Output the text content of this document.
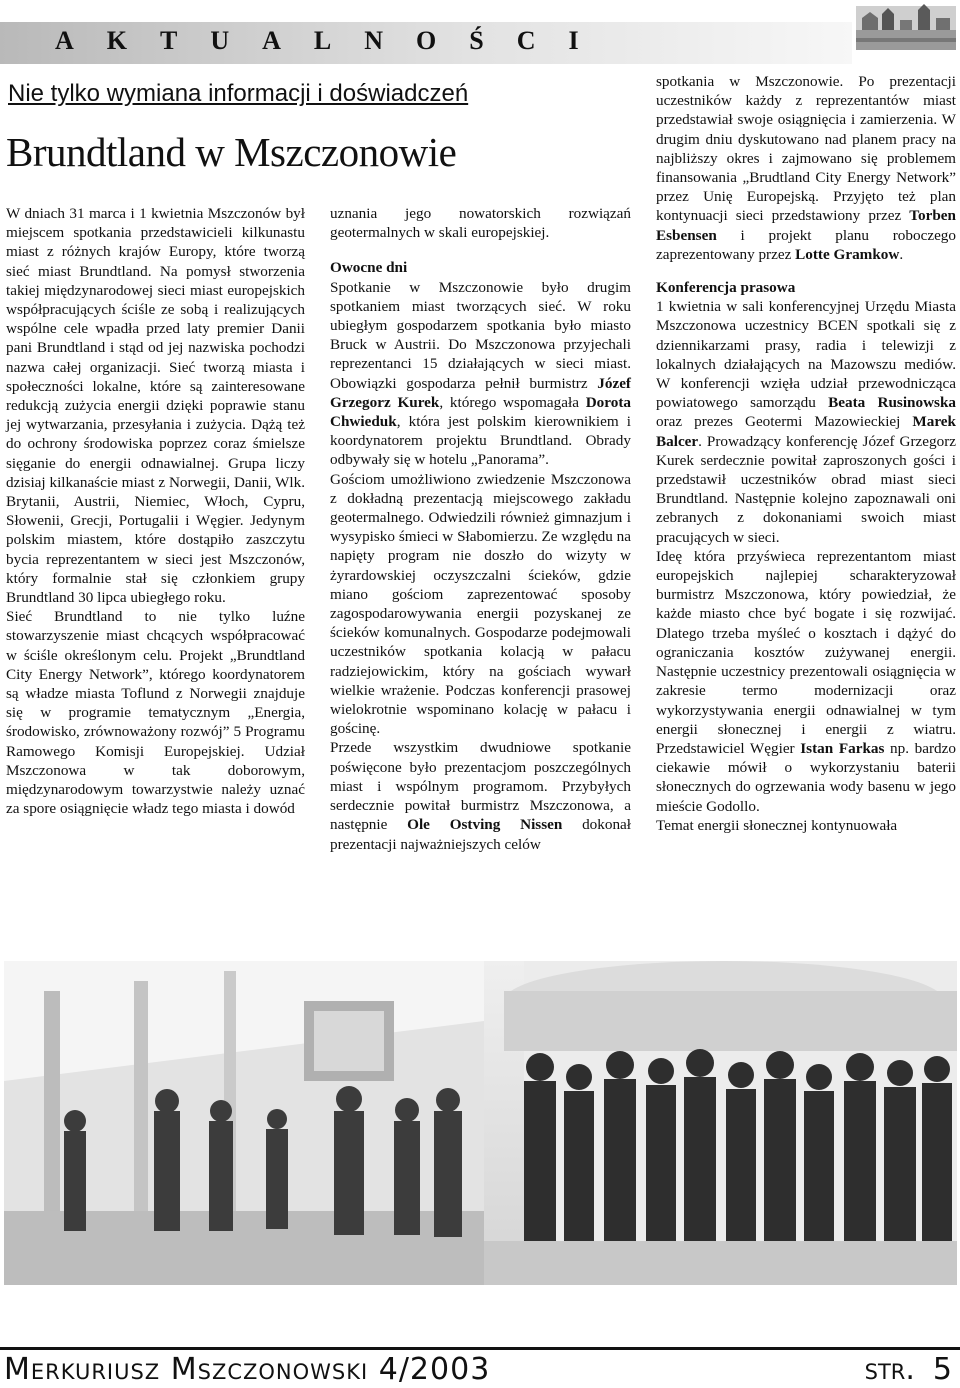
AKTUALNOŚCI
Nie tylko wymiana informacji i doświadczeń
Brundtland w Mszczonowie

W dniach 31 marca i 1 kwietnia Mszczonów był miejscem spotkania przedstawicieli kilkunastu miast z różnych krajów Europy, które tworzą sieć miast Brundtland. Na pomysł stworzenia takiej międzynarodowej sieci miast europejskich współpracujących ściśle ze sobą i realizujących wspólne cele wpadła przed laty premier Danii pani Brundtland i stąd od jej nazwiska pochodzi nazwa całej organizacji. Sieć tworzą miasta i społeczności lokalne, które są zainteresowane redukcją zużycia energii dzięki poprawie stanu jej wytwarzania, przesyłania i zużycia. Dążą też do ochrony środowiska poprzez coraz śmielsze sięganie do energii odnawialnej. Grupa liczy dzisiaj kilkanaście miast z Norwegii, Danii, Wlk. Brytanii, Austrii, Niemiec, Włoch, Cypru, Słowenii, Grecji, Portugalii i Węgier. Jedynym polskim miastem, które dostąpiło zaszczytu bycia reprezentantem w sieci jest Mszczonów, który formalnie stał się członkiem grupy Brundtland 30 lipca ubiegłego roku.

Sieć Brundtland to nie tylko luźne stowarzyszenie miast chcących współpracować w ściśle określonym celu. Projekt „Brundtland City Energy Network”, którego koordynatorem są władze miasta Toflund z Norwegii znajduje się w programie tematycznym „Energia, środowisko, zrównoważony rozwój” 5 Programu Ramowego Komisji Europejskiej. Udział Mszczonowa w tak doborowym, międzynarodowym towarzystwie należy uznać za spore osiągnięcie władz tego miasta i dowód

uznania jego nowatorskich rozwiązań geotermalnych w skali europejskiej.

Owocne dni

Spotkanie w Mszczonowie było drugim spotkaniem miast tworzących sieć. W roku ubiegłym gospodarzem spotkania było miasto Bruck w Austrii. Do Mszczonowa przyjechali reprezentanci 15 działających w sieci miast. Obowiązki gospodarza pełnił burmistrz Józef Grzegorz Kurek, którego wspomagała Dorota Chwieduk, która jest polskim kierownikiem i koordynatorem projektu Brundtland. Obrady odbywały się w hotelu „Panorama”.

Gościom umożliwiono zwiedzenie Mszczonowa z dokładną prezentacją miejscowego zakładu geotermalnego. Odwiedzili również gimnazjum i wysypisko śmieci w Słabomierzu. Ze względu na napięty program nie doszło do wizyty w żyrardowskiej oczyszczalni ścieków, gdzie miano gościom zaprezentować sposoby zagospodarowywania energii pozyskanej ze ścieków komunalnych. Gospodarze podejmowali uczestników spotkania kolacją w pałacu radziejowickim, który na gościach wywarł wielkie wrażenie. Podczas konferencji prasowej wielokrotnie wspominano kolację w pałacu i gościnę.

Przede wszystkim dwudniowe spotkanie poświęcone było prezentacjom poszczególnych miast i wspólnym programom. Przybyłych serdecznie powitał burmistrz Mszczonowa, a następnie Ole Ostving Nissen dokonał prezentacji najważniejszych celów

spotkania w Mszczonowie. Po prezentacji uczestników każdy z reprezentantów miast przedstawiał swoje osiągnięcia i zamierzenia. W drugim dniu dyskutowano nad planem pracy na najbliższy okres i zajmowano się problemem finansowania „Brudtland City Energy Network” przez Unię Europejską. Przyjęto też plan kontynuacji sieci przedstawiony przez Torben Esbensen i projekt planu roboczego zaprezentowany przez Lotte Gramkow.

Konferencja prasowa

1 kwietnia w sali konferencyjnej Urzędu Miasta Mszczonowa uczestnicy BCEN spotkali się z dziennikarzami prasy, radia i telewizji z lokalnych działających na Mazowszu mediów. W konferencji wzięła udział przewodnicząca powiatowego samorządu Beata Rusinowska oraz prezes Geotermi Mazowieckiej Marek Balcer. Prowadzący konferencję Józef Grzegorz Kurek serdecznie powitał zaproszonych gości i przedstawił uczestników obrad miast sieci Brundtland. Następnie kolejno zapoznawali oni zebranych z dokonaniami swoich miast pracujących w sieci.

Ideę która przyświeca reprezentantom miast europejskich najlepiej scharakteryzował burmistrz Mszczonowa, który powiedział, że każde miasto chce być bogate i się rozwijać. Dlatego trzeba myśleć o kosztach i dążyć do ograniczania kosztów zużywanej energii. Następnie uczestnicy prezentowali osiągnięcia w zakresie termo modernizacji oraz wykorzystywania energii odnawialnej w tym energii słonecznej i energii z wiatru. Przedstawiciel Węgier Istan Farkas np. bardzo ciekawie mówił o wykorzystaniu baterii słonecznych do ogrzewania wody basenu w jego mieście Godollo.

Temat energii słonecznej kontynuowała

Merkuriusz Mszczonowski 4/2003	str. 5
